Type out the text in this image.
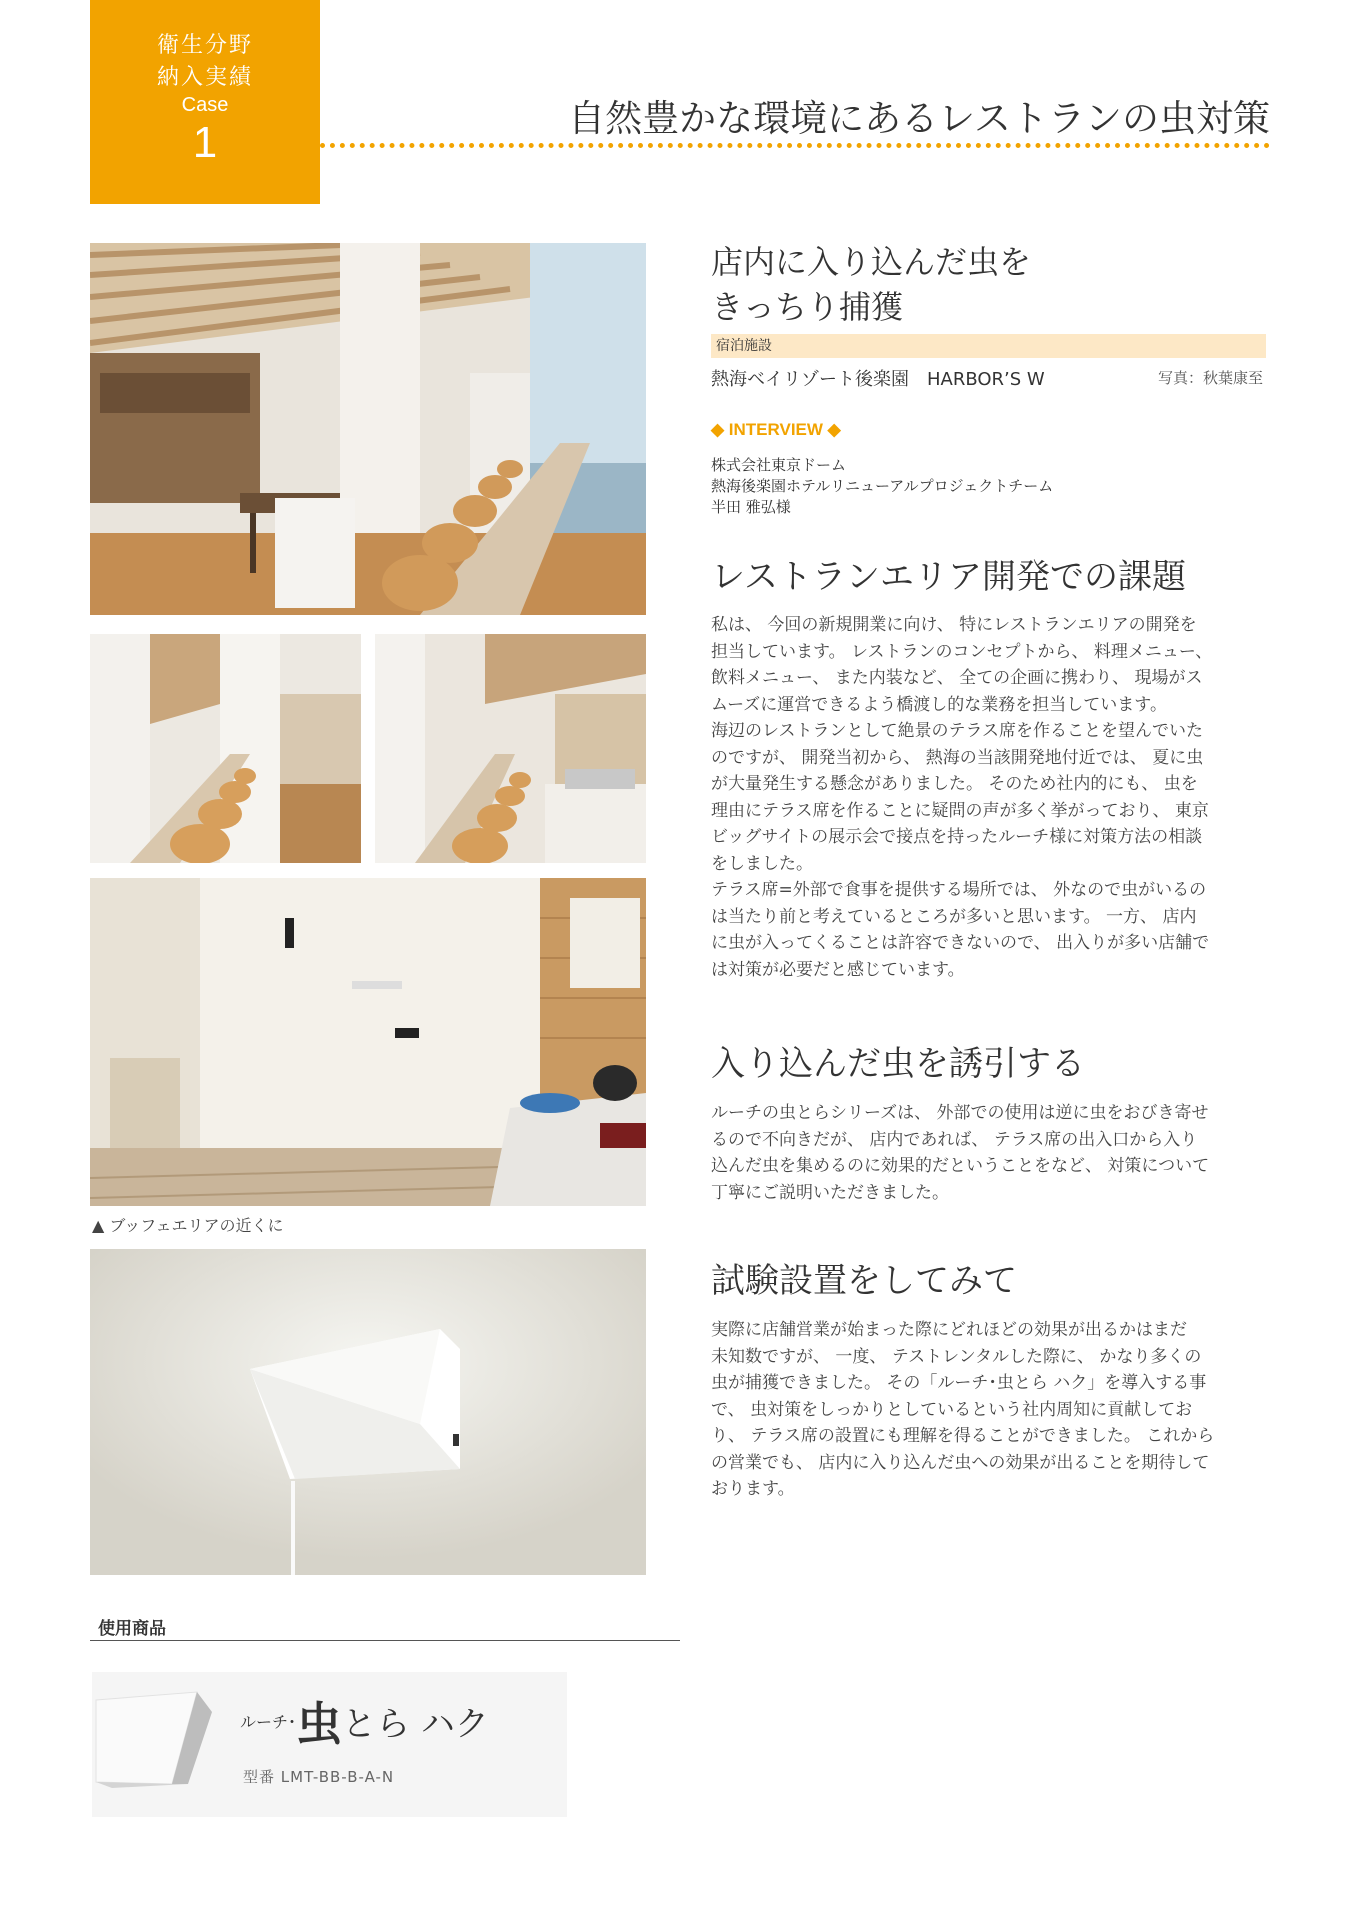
衛生分野
納入実績
Case
1	自然豊かな環境にあるレストランの虫対策
▲ ブッフェエリアの近くに
使用商品
ルーチ･虫とら ハク
型番 LMT-BB-B-A-N
店内に入り込んだ虫を
きっちり捕獲
宿泊施設
熱海ベイリゾート後楽園　HARBOR’S W	写真：秋葉康至
◆ INTERVIEW ◆
株式会社東京ドーム
熱海後楽園ホテルリニューアルプロジェクトチーム
半田 雅弘様
レストランエリア開発での課題
私は、 今回の新規開業に向け、 特にレストランエリアの開発を
担当しています。 レストランのコンセプトから、 料理メニュー、
飲料メニュー、 また内装など、 全ての企画に携わり、 現場がス
ムーズに運営できるよう橋渡し的な業務を担当しています。
海辺のレストランとして絶景のテラス席を作ることを望んでいた
のですが、 開発当初から、 熱海の当該開発地付近では、 夏に虫
が大量発生する懸念がありました。 そのため社内的にも、 虫を
理由にテラス席を作ることに疑問の声が多く挙がっており、 東京
ビッグサイトの展示会で接点を持ったルーチ様に対策方法の相談
をしました。
テラス席=外部で食事を提供する場所では、 外なので虫がいるの
は当たり前と考えているところが多いと思います。 一方、 店内
に虫が入ってくることは許容できないので、 出入りが多い店舗で
は対策が必要だと感じています。
入り込んだ虫を誘引する
ルーチの虫とらシリーズは、 外部での使用は逆に虫をおびき寄せ
るので不向きだが、 店内であれば、 テラス席の出入口から入り
込んだ虫を集めるのに効果的だということをなど、 対策について
丁寧にご説明いただきました。
試験設置をしてみて
実際に店舗営業が始まった際にどれほどの効果が出るかはまだ
未知数ですが、 一度、 テストレンタルした際に、 かなり多くの
虫が捕獲できました。 その「ルーチ･虫とら ハク」を導入する事
で、 虫対策をしっかりとしているという社内周知に貢献してお
り、 テラス席の設置にも理解を得ることができました。 これから
の営業でも、 店内に入り込んだ虫への効果が出ることを期待して
おります。
